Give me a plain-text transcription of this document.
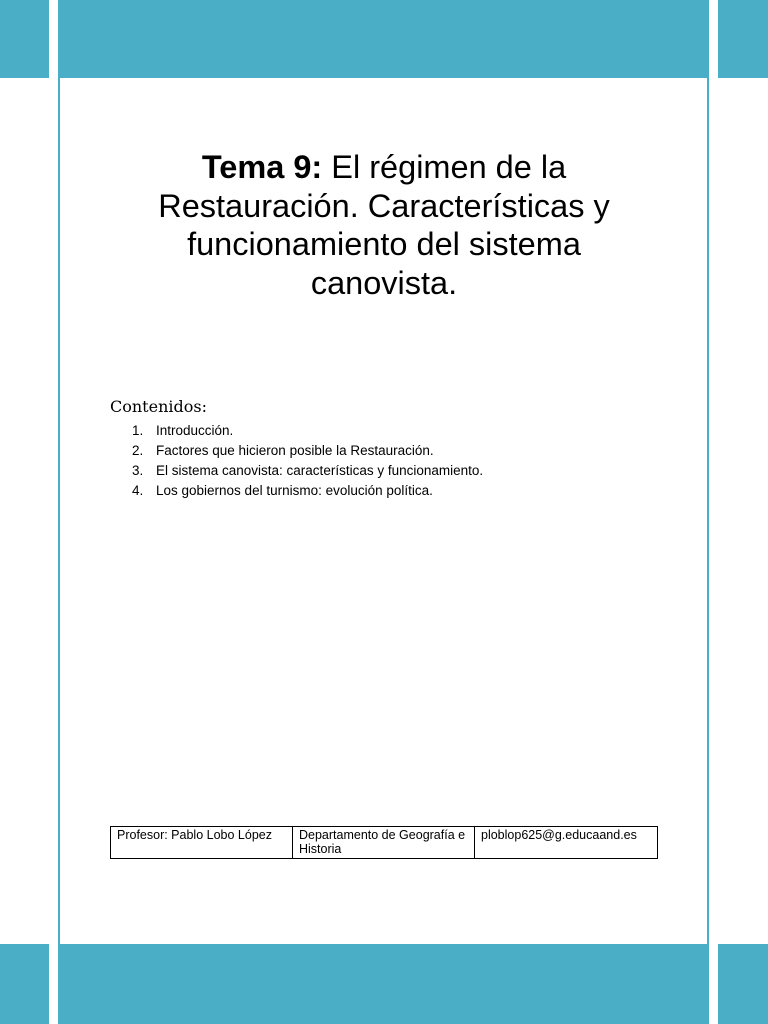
Tema 9: El régimen de la Restauración. Características y funcionamiento del sistema canovista.
Contenidos:
1. Introducción.
2. Factores que hicieron posible la Restauración.
3. El sistema canovista: características y funcionamiento.
4. Los gobiernos del turnismo: evolución política.
Profesor: Pablo Lobo López	Departamento de Geografía e Historia	ploblop625@g.educaand.es
